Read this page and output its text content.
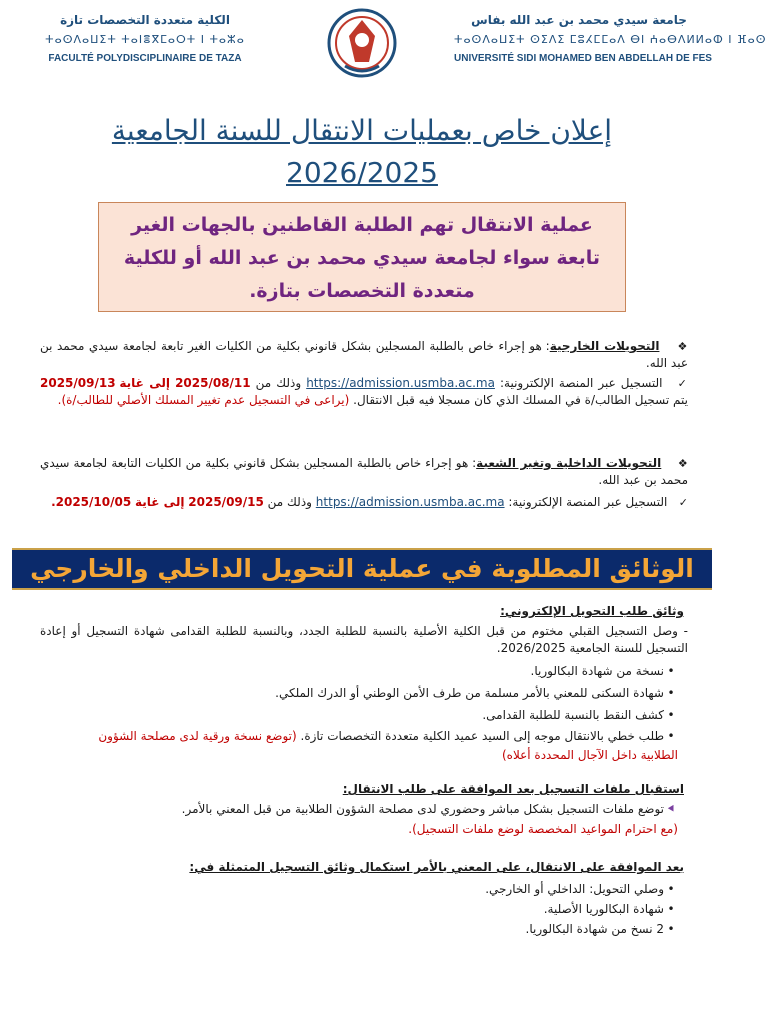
جامعة سيدي محمد بن عبد الله بفاس
ⵜⴰⵙⴷⴰⵡⵉⵜ ⵙⵉⴷⵉ ⵎⵓⵃⵎⵎⴰⴷ ⴱⵏ ⵄⴰⴱⴷⵍⵍⴰⵀ ⵏ ⴼⴰⵙ
UNIVERSITÉ SIDI MOHAMED BEN ABDELLAH DE FES
الكلية متعددة التخصصات تازة
ⵜⴰⵙⴷⴰⵡⵉⵜ ⵜⴰⵏⴻⴳⵎⴰⵔⵜ ⵏ ⵜⴰⵣⴰ
FACULTÉ POLYDISCIPLINAIRE DE TAZA
إعلان خاص بعمليات الانتقال للسنة الجامعية
2026/2025
عملية الانتقال تهم الطلبة القاطنين بالجهات الغير تابعة سواء لجامعة سيدي محمد بن عبد الله أو للكلية متعددة التخصصات بتازة.
❖    التحويلات الخارجية: هو إجراء خاص بالطلبة المسجلين بشكل قانوني بكلية من الكليات الغير تابعة لجامعة سيدي محمد بن عبد الله.
✓   التسجيل عبر المنصة الإلكترونية: https://admission.usmba.ac.ma وذلك من 2025/08/11 إلى غاية 2025/09/13 يتم تسجيل الطالب/ة في المسلك الذي كان مسجلا فيه قبل الانتقال. (يراعى في التسجيل عدم تغيير المسلك الأصلي للطالب/ة).
❖    التحويلات الداخلية وتغير الشعبة: هو إجراء خاص بالطلبة المسجلين بشكل قانوني بكلية من الكليات التابعة لجامعة سيدي محمد بن عبد الله.
✓   التسجيل عبر المنصة الإلكترونية: https://admission.usmba.ac.ma وذلك من 2025/09/15 إلى غاية 2025/10/05.
الوثائق المطلوبة في عملية التحويل الداخلي والخارجي
وثائق طلب التحويل الإلكتروني:
- وصل التسجيل القبلي مختوم من قبل الكلية الأصلية بالنسبة للطلبة الجدد، وبالنسبة للطلبة القدامى شهادة التسجيل أو إعادة التسجيل للسنة الجامعية 2026/2025.
•نسخة من شهادة البكالوريا.
•شهادة السكنى للمعني بالأمر مسلمة من طرف الأمن الوطني أو الدرك الملكي.
•كشف النقط بالنسبة للطلبة القدامى.
•طلب خطي بالانتقال موجه إلى السيد عميد الكلية متعددة التخصصات تازة. (توضع نسخة ورقية لدى مصلحة الشؤون الطلابية داخل الآجال المحددة أعلاه)
استقبال ملفات التسجيل بعد الموافقة على طلب الانتقال:
⯇توضع ملفات التسجيل بشكل مباشر وحضوري لدى مصلحة الشؤون الطلابية من قبل المعني بالأمر.
(مع احترام المواعيد المخصصة لوضع ملفات التسجيل).
بعد الموافقة على الانتقال، على المعني بالأمر استكمال وثائق التسجيل المتمثلة في:
•وصلي التحويل: الداخلي أو الخارجي.
•شهادة البكالوريا الأصلية.
•2 نسخ من شهادة البكالوريا.
